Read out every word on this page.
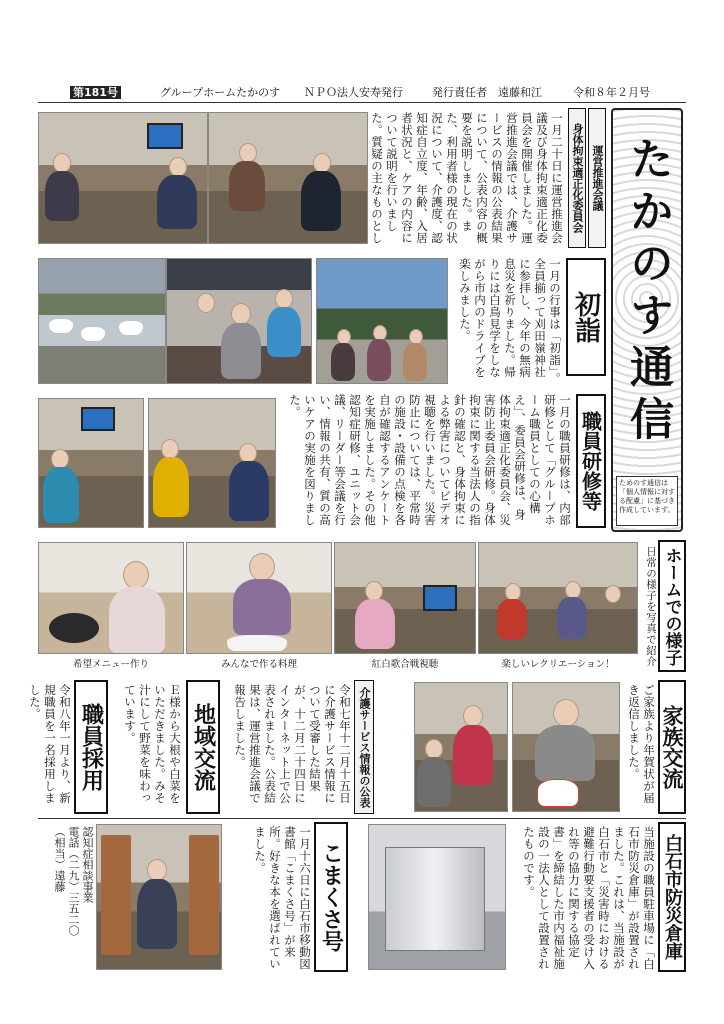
第181号	グループホームたかのす ＮＰＯ法人安寿発行	発行責任者　遠藤和江	令和８年２月号
たかのす通信
ためのす通信は「個人情報に対する配慮」に基づき作成しています。
運営推進会議
身体拘束適正化委員会
一月二十日に運営推進会議及び身体拘束適正化委員会を開催しました。運営推進会議では、介護サービスの情報の公表結果について、公表内容の概要を説明しました。また、利用者様の現在の状況について、介護度、認知症自立度、年齢、入居者状況と、ケアの内容について説明を行いました。質疑の主なものとし
初詣
一月の行事は「初詣」。全員揃って刈田嶺神社に参拝し、今年の無病息災を祈りました。帰りには白鳥見学をしながら市内のドライブを楽しみました。
職員研修等
一月の職員研修は、内部研修として「グループホーム職員としての心構え」、委員会研修は、身体拘束適正化委員会、災害防止委員会研修。身体拘束に関する当法人の指針の確認と、身体拘束による弊害についてビデオ視聴を行いました。災害防止については、平常時の施設・設備の点検を各自が確認するアンケートを実施しました。その他認知症研修、ユニット会議、リーダー等会議を行い、情報の共有、質の高いケアの実施を図りました。
ホームでの様子
日常の様子を写真で紹介
希望メニュー作り	みんなで作る料理	紅白歌合戦視聴	楽しいレクリエーション！
家族交流
ご家族より年賀状が届き返信しました。
介護サービス情報の公表
令和七年十二月十五日に介護サービス情報について受審した結果が、十二月二十四日にインターネット上で公表されました。公表結果は、運営推進会議で報告しました。
地域交流
Ｅ様から大根や白菜をいただきました。みそ汁にして野菜を味わっています。
職員採用
令和八年一月より、新規職員を一名採用しました。
白石市防災倉庫
当施設の職員駐車場に「白石市防災倉庫」が設置されました。これは、当施設が白石市と「災害時における避難行動要支援者の受け入れ等の協力に関する協定書」を締結した市内福祉施設の一法人として設置されたものです。
こまくさ号
一月十六日に白石市移動図書館「こまくさ号」が来所。好きな本を選ばれていました。
認知症相談事業
電話（二九）三五二〇
（相当）遠藤
